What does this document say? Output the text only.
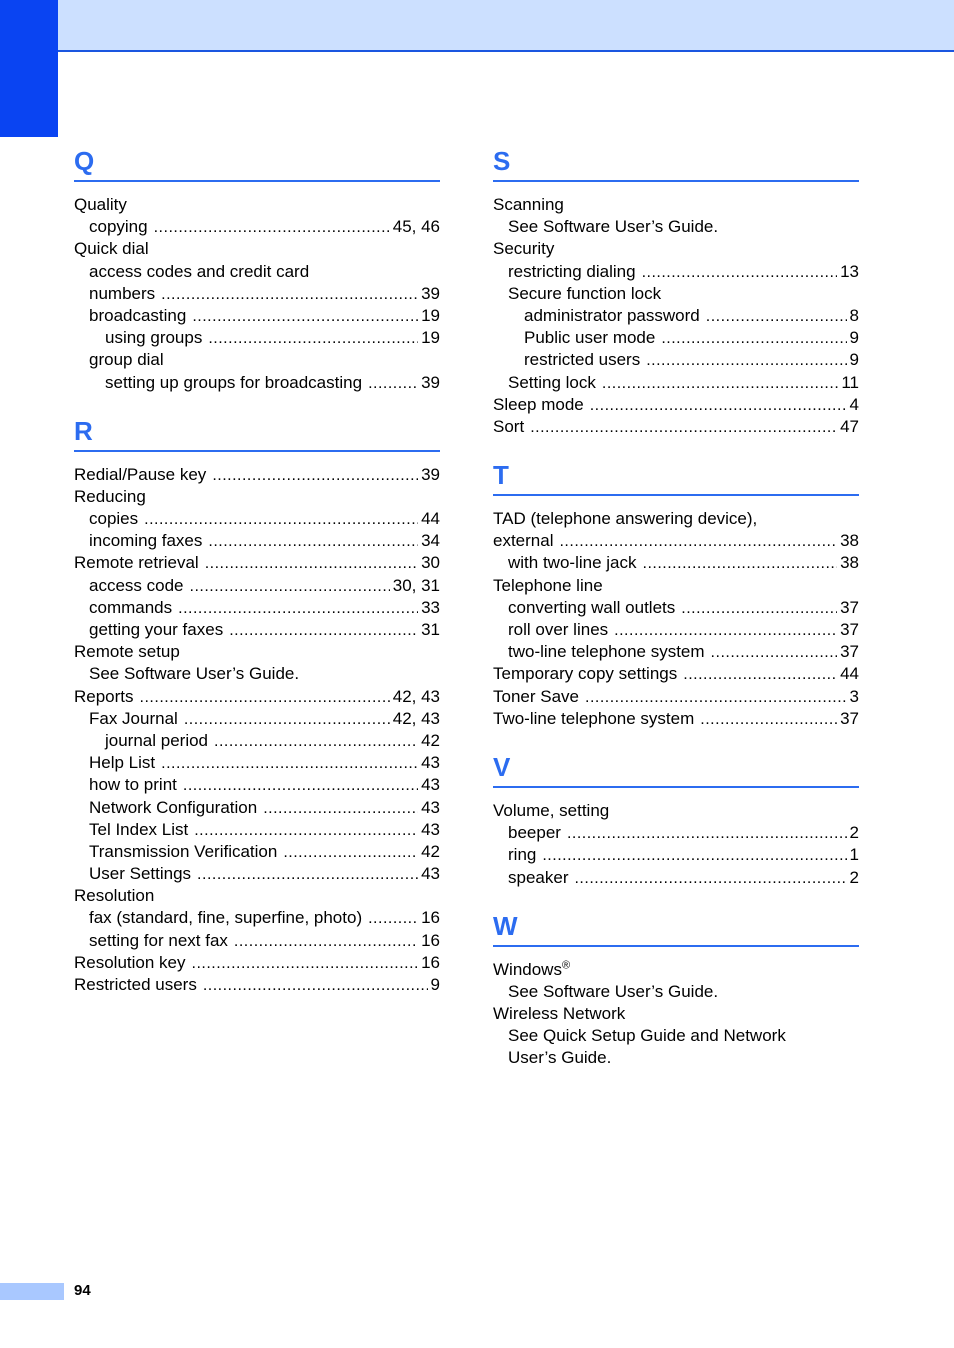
Q
Quality
copying .....	45, 46
Quick dial
access codes and credit card
numbers .....	39
broadcasting .....	19
using groups .....	19
group dial
setting up groups for broadcasting .....	39
R
Redial/Pause key .....	39
Reducing
copies .....	44
incoming faxes .....	34
Remote retrieval .....	30
access code .....	30, 31
commands .....	33
getting your faxes .....	31
Remote setup
See Software User’s Guide.
Reports .....	42, 43
Fax Journal .....	42, 43
journal period .....	42
Help List .....	43
how to print .....	43
Network Configuration .....	43
Tel Index List .....	43
Transmission Verification .....	42
User Settings .....	43
Resolution
fax (standard, fine, superfine, photo) .....	16
setting for next fax .....	16
Resolution key .....	16
Restricted users .....	9
S
Scanning
See Software User’s Guide.
Security
restricting dialing .....	13
Secure function lock
administrator password .....	8
Public user mode .....	9
restricted users .....	9
Setting lock .....	11
Sleep mode .....	4
Sort .....	47
T
TAD (telephone answering device),
external .....	38
with two-line jack .....	38
Telephone line
converting wall outlets .....	37
roll over lines .....	37
two-line telephone system .....	37
Temporary copy settings .....	44
Toner Save .....	3
Two-line telephone system .....	37
V
Volume, setting
beeper .....	2
ring .....	1
speaker .....	2
W
Windows®
See Software User’s Guide.
Wireless Network
See Quick Setup Guide and Network
User’s Guide.
94
